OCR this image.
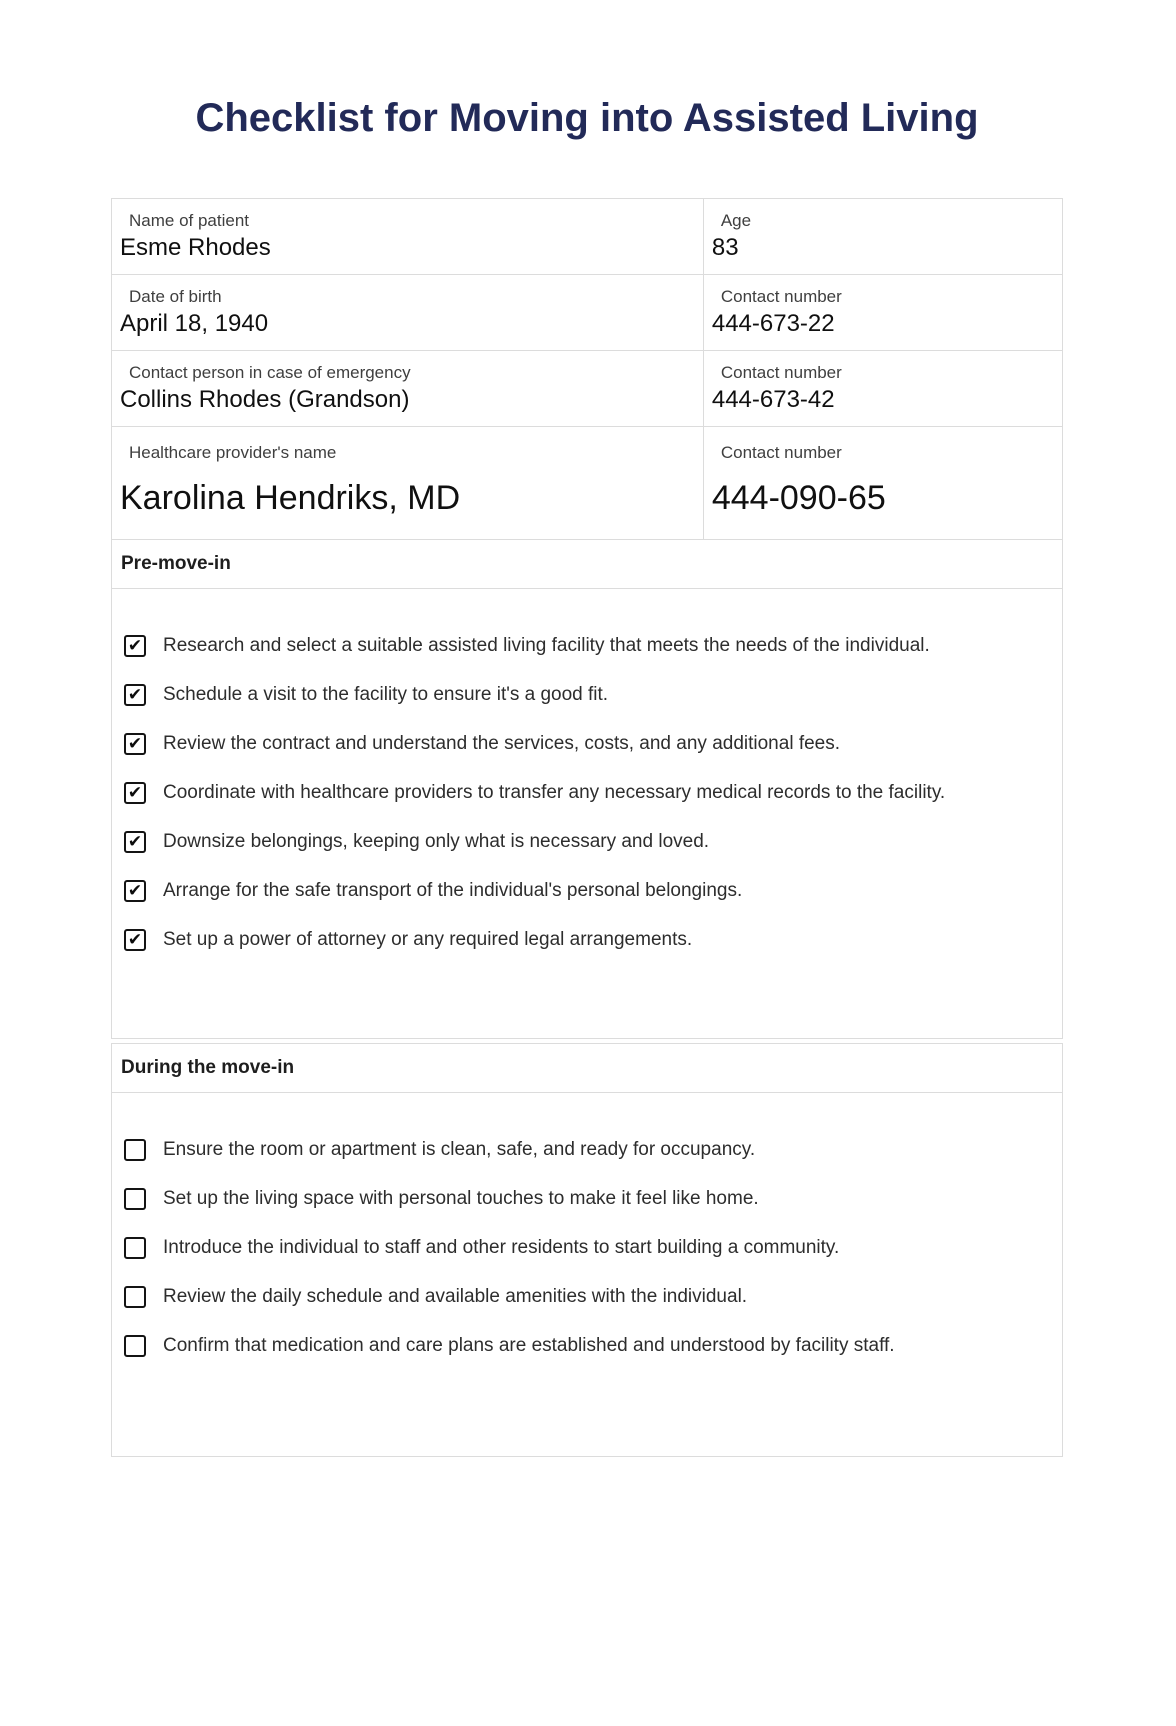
Checklist for Moving into Assisted Living
Name of patient
Esme Rhodes
Age
83
Date of birth
April 18, 1940
Contact number
444-673-22
Contact person in case of emergency
Collins Rhodes (Grandson)
Contact number
444-673-42
Healthcare provider's name
Karolina Hendriks, MD
Contact number
444-090-65
Pre-move-in
✔ Research and select a suitable assisted living facility that meets the needs of the individual.
✔ Schedule a visit to the facility to ensure it's a good fit.
✔ Review the contract and understand the services, costs, and any additional fees.
✔ Coordinate with healthcare providers to transfer any necessary medical records to the facility.
✔ Downsize belongings, keeping only what is necessary and loved.
✔ Arrange for the safe transport of the individual's personal belongings.
✔ Set up a power of attorney or any required legal arrangements.
During the move-in
Ensure the room or apartment is clean, safe, and ready for occupancy.
Set up the living space with personal touches to make it feel like home.
Introduce the individual to staff and other residents to start building a community.
Review the daily schedule and available amenities with the individual.
Confirm that medication and care plans are established and understood by facility staff.
